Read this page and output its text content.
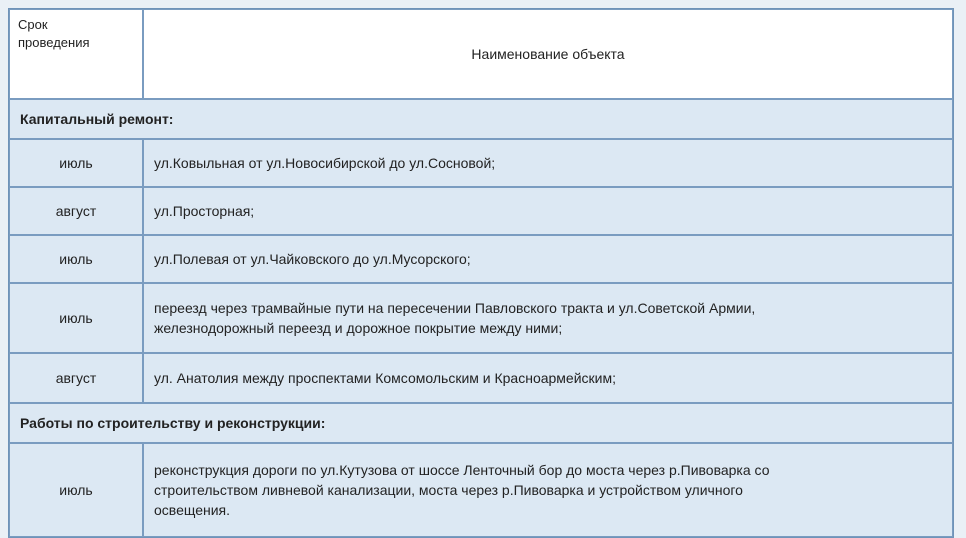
Срок
проведения	Наименование объекта
Капитальный ремонт:	
июль	ул.Ковыльная от ул.Новосибирской до ул.Сосновой;
август	ул.Просторная;
июль	ул.Полевая от ул.Чайковского до ул.Мусорского;
июль	переезд через трамвайные пути на пересечении Павловского тракта и ул.Советской Армии,
железнодорожный переезд и дорожное покрытие между ними;

август	ул. Анатолия между проспектами Комсомольским и Красноармейским;
Работы по строительству и реконструкции:	
июль	реконструкция дороги по ул.Кутузова от шоссе Ленточный бор до моста через р.Пивоварка со
строительством ливневой канализации, моста через р.Пивоварка и устройством уличного
освещения.
